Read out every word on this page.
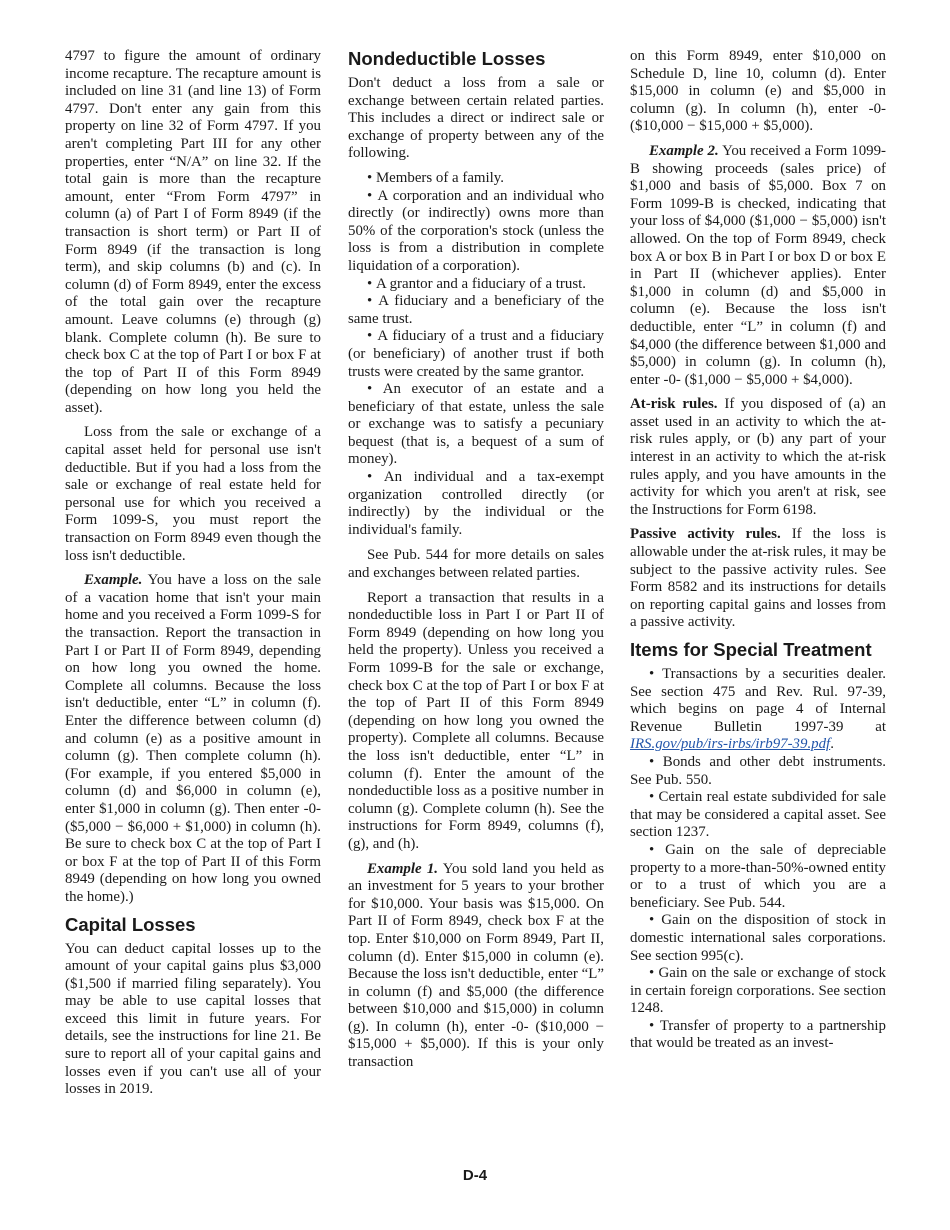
4797 to figure the amount of ordinary income recapture. The recapture amount is included on line 31 (and line 13) of Form 4797. Don't enter any gain from this property on line 32 of Form 4797. If you aren't completing Part III for any other properties, enter “N/A” on line 32. If the total gain is more than the recapture amount, enter “From Form 4797” in column (a) of Part I of Form 8949 (if the transaction is short term) or Part II of Form 8949 (if the transaction is long term), and skip columns (b) and (c). In column (d) of Form 8949, enter the excess of the total gain over the recapture amount. Leave columns (e) through (g) blank. Complete column (h). Be sure to check box C at the top of Part I or box F at the top of Part II of this Form 8949 (depending on how long you held the asset).

Loss from the sale or exchange of a capital asset held for personal use isn't deductible. But if you had a loss from the sale or exchange of real estate held for personal use for which you received a Form 1099-S, you must report the transaction on Form 8949 even though the loss isn't deductible.

Example. You have a loss on the sale of a vacation home that isn't your main home and you received a Form 1099-S for the transaction. Report the transaction in Part I or Part II of Form 8949, depending on how long you owned the home. Complete all columns. Because the loss isn't deductible, enter “L” in column (f). Enter the difference between column (d) and column (e) as a positive amount in column (g). Then complete column (h). (For example, if you entered $5,000 in column (d) and $6,000 in column (e), enter $1,000 in column (g). Then enter -0- ($5,000 − $6,000 + $1,000) in column (h). Be sure to check box C at the top of Part I or box F at the top of Part II of this Form 8949 (depending on how long you owned the home).)

Capital Losses

You can deduct capital losses up to the amount of your capital gains plus $3,000 ($1,500 if married filing separately). You may be able to use capital losses that exceed this limit in future years. For details, see the instructions for line 21. Be sure to report all of your capital gains and losses even if you can't use all of your losses in 2019.

Nondeductible Losses

Don't deduct a loss from a sale or exchange between certain related parties. This includes a direct or indirect sale or exchange of property between any of the following.

• Members of a family.

• A corporation and an individual who directly (or indirectly) owns more than 50% of the corporation's stock (unless the loss is from a distribution in complete liquidation of a corporation).

• A grantor and a fiduciary of a trust.

• A fiduciary and a beneficiary of the same trust.

• A fiduciary of a trust and a fiduciary (or beneficiary) of another trust if both trusts were created by the same grantor.

• An executor of an estate and a beneficiary of that estate, unless the sale or exchange was to satisfy a pecuniary bequest (that is, a bequest of a sum of money).

• An individual and a tax-exempt organization controlled directly (or indirectly) by the individual or the individual's family.

See Pub. 544 for more details on sales and exchanges between related parties.

Report a transaction that results in a nondeductible loss in Part I or Part II of Form 8949 (depending on how long you held the property). Unless you received a Form 1099-B for the sale or exchange, check box C at the top of Part I or box F at the top of Part II of this Form 8949 (depending on how long you owned the property). Complete all columns. Because the loss isn't deductible, enter “L” in column (f). Enter the amount of the nondeductible loss as a positive number in column (g). Complete column (h). See the instructions for Form 8949, columns (f), (g), and (h).

Example 1. You sold land you held as an investment for 5 years to your brother for $10,000. Your basis was $15,000. On Part II of Form 8949, check box F at the top. Enter $10,000 on Form 8949, Part II, column (d). Enter $15,000 in column (e). Because the loss isn't deductible, enter “L” in column (f) and $5,000 (the difference between $10,000 and $15,000) in column (g). In column (h), enter -0- ($10,000 − $15,000 + $5,000). If this is your only transaction

on this Form 8949, enter $10,000 on Schedule D, line 10, column (d). Enter $15,000 in column (e) and $5,000 in column (g). In column (h), enter -0- ($10,000 − $15,000 + $5,000).

Example 2. You received a Form 1099-B showing proceeds (sales price) of $1,000 and basis of $5,000. Box 7 on Form 1099-B is checked, indicating that your loss of $4,000 ($1,000 − $5,000) isn't allowed. On the top of Form 8949, check box A or box B in Part I or box D or box E in Part II (whichever applies). Enter $1,000 in column (d) and $5,000 in column (e). Because the loss isn't deductible, enter “L” in column (f) and $4,000 (the difference between $1,000 and $5,000) in column (g). In column (h), enter -0- ($1,000 − $5,000 + $4,000).

At-risk rules. If you disposed of (a) an asset used in an activity to which the at-risk rules apply, or (b) any part of your interest in an activity to which the at-risk rules apply, and you have amounts in the activity for which you aren't at risk, see the Instructions for Form 6198.

Passive activity rules. If the loss is allowable under the at-risk rules, it may be subject to the passive activity rules. See Form 8582 and its instructions for details on reporting capital gains and losses from a passive activity.

Items for Special Treatment

• Transactions by a securities dealer. See section 475 and Rev. Rul. 97-39, which begins on page 4 of Internal Revenue Bulletin 1997-39 at IRS.gov/pub/irs-irbs/irb97-39.pdf.

• Bonds and other debt instruments. See Pub. 550.

• Certain real estate subdivided for sale that may be considered a capital asset. See section 1237.

• Gain on the sale of depreciable property to a more-than-50%-owned entity or to a trust of which you are a beneficiary. See Pub. 544.

• Gain on the disposition of stock in domestic international sales corporations. See section 995(c).

• Gain on the sale or exchange of stock in certain foreign corporations. See section 1248.

• Transfer of property to a partnership that would be treated as an invest-

D-4
